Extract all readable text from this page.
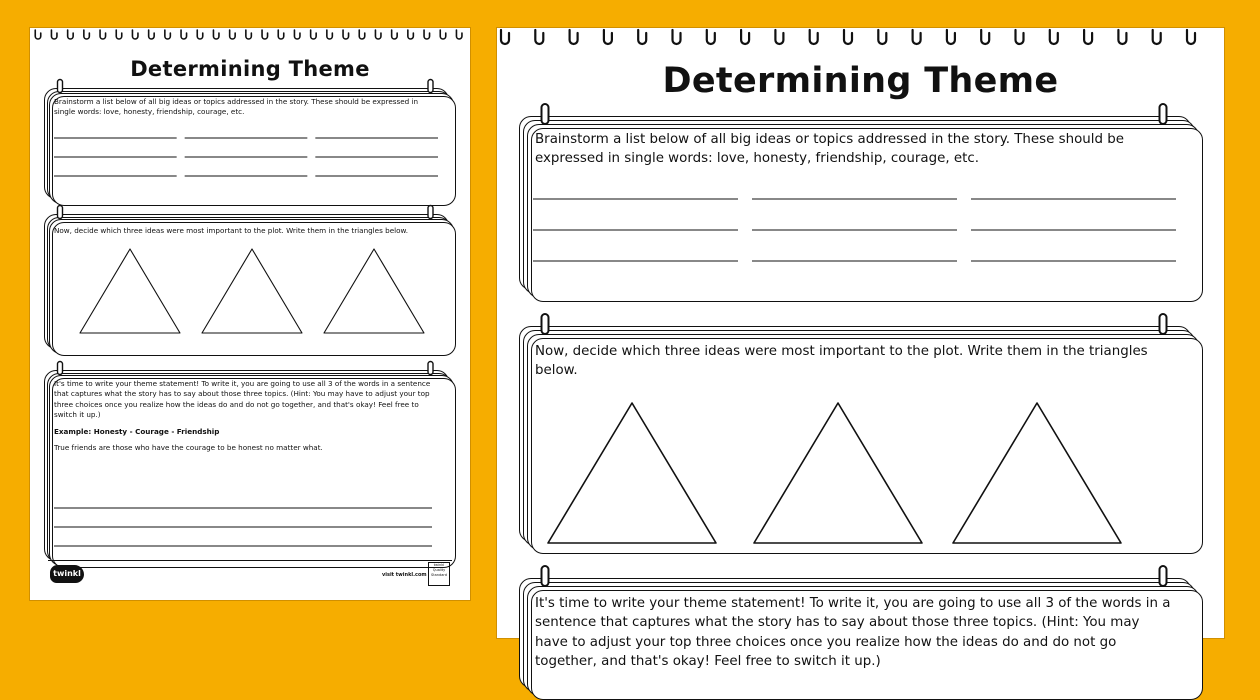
Determining Theme

Brainstorm a list below of all big ideas or topics addressed in the story. These should be expressed in single words: love, honesty, friendship, courage, etc.

Now, decide which three ideas were most important to the plot. Write them in the triangles below.

It's time to write your theme statement! To write it, you are going to use all 3 of the words in a sentence that captures what the story has to say about those three topics. (Hint: You may have to adjust your top three choices once you realize how the ideas do and do not go together, and that's okay! Feel free to switch it up.)

Example: Honesty - Courage - Friendship

True friends are those who have the courage to be honest no matter what.

twinkl	visit twinkl.com
twinkl Quality Standard
Determining Theme

Brainstorm a list below of all big ideas or topics addressed in the story. These should be expressed in single words: love, honesty, friendship, courage, etc.

Now, decide which three ideas were most important to the plot. Write them in the triangles below.

It's time to write your theme statement! To write it, you are going to use all 3 of the words in a sentence that captures what the story has to say about those three topics. (Hint: You may have to adjust your top three choices once you realize how the ideas do and do not go together, and that's okay! Feel free to switch it up.)
